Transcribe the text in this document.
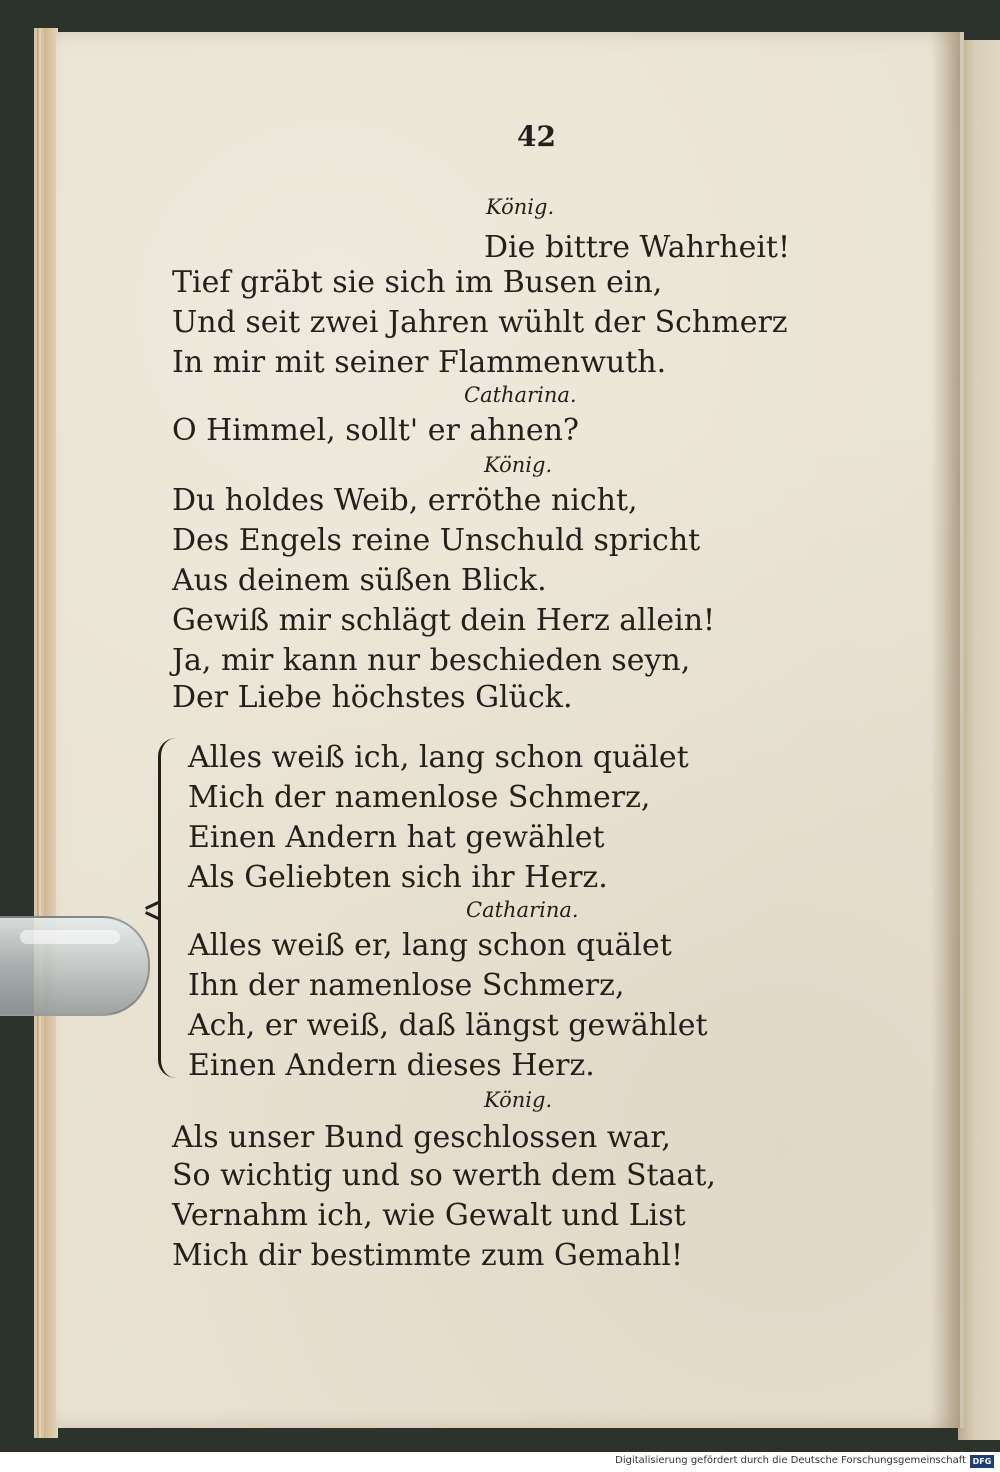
42
König.
Die bittre Wahrheit!
Tief gräbt sie sich im Busen ein,
Und seit zwei Jahren wühlt der Schmerz
In mir mit seiner Flammenwuth.
Catharina.
O Himmel, sollt' er ahnen?
König.
Du holdes Weib, erröthe nicht,
Des Engels reine Unschuld spricht
Aus deinem süßen Blick.
Gewiß mir schlägt dein Herz allein!
Ja, mir kann nur beschieden seyn,
Der Liebe höchstes Glück.
Alles weiß ich, lang schon quälet
Mich der namenlose Schmerz,
Einen Andern hat gewählet
Als Geliebten sich ihr Herz.
Catharina.
Alles weiß er, lang schon quälet
Ihn der namenlose Schmerz,
Ach, er weiß, daß längst gewählet
Einen Andern dieses Herz.
König.
Als unser Bund geschlossen war,
So wichtig und so werth dem Staat,
Vernahm ich, wie Gewalt und List
Mich dir bestimmte zum Gemahl!
Digitalisierung gefördert durch die Deutsche Forschungsgemeinschaft DFG
